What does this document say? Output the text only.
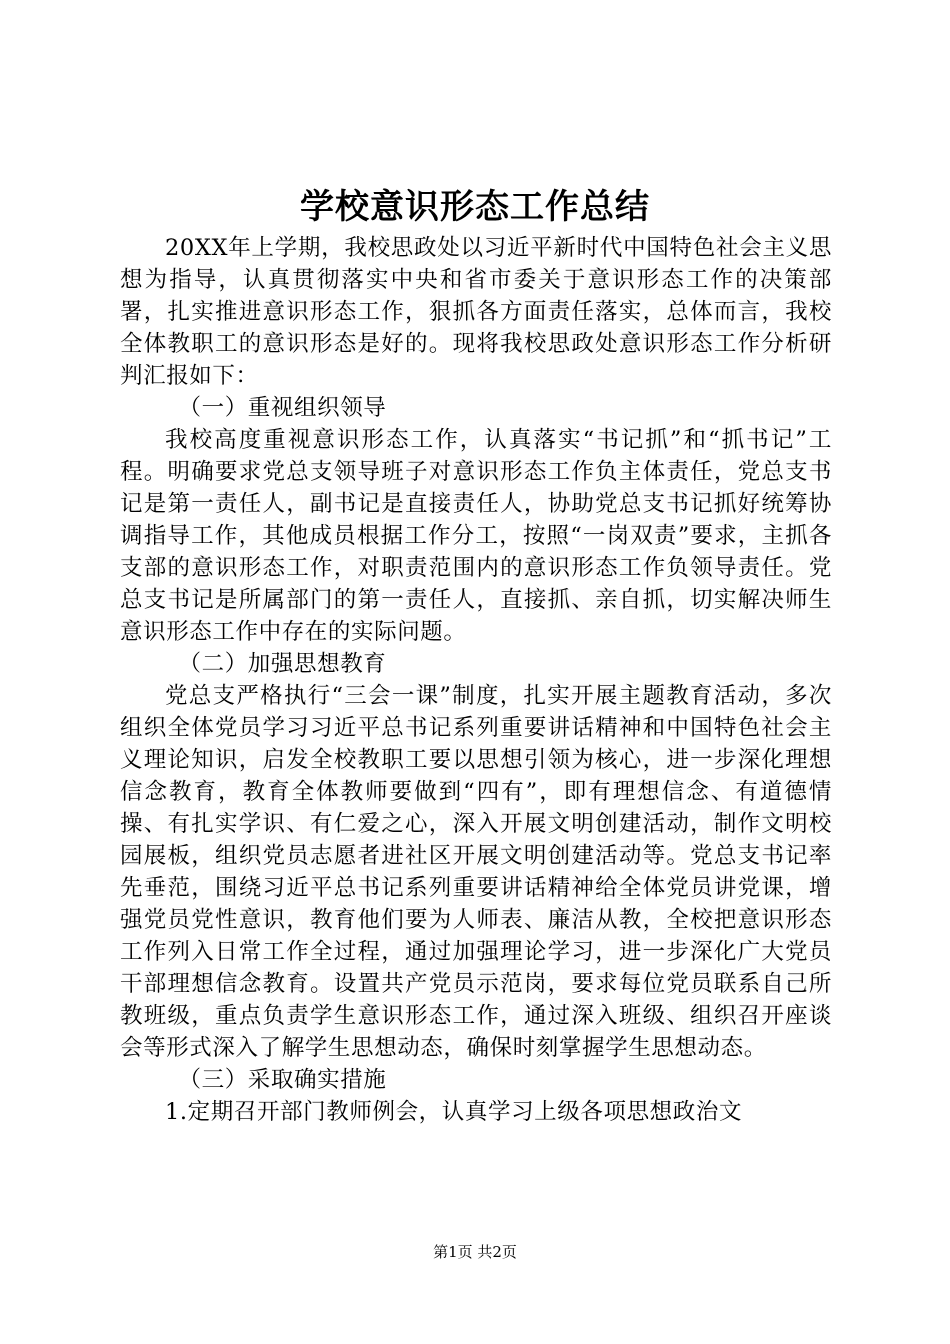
学校意识形态工作总结

20XX年上学期，我校思政处以习近平新时代中国特色社会主义思想为指导，认真贯彻落实中央和省市委关于意识形态工作的决策部署，扎实推进意识形态工作，狠抓各方面责任落实，总体而言，我校全体教职工的意识形态是好的。现将我校思政处意识形态工作分析研判汇报如下：

（一）重视组织领导

我校高度重视意识形态工作，认真落实“书记抓”和“抓书记”工程。明确要求党总支领导班子对意识形态工作负主体责任，党总支书记是第一责任人，副书记是直接责任人，协助党总支书记抓好统筹协调指导工作，其他成员根据工作分工，按照“一岗双责”要求，主抓各支部的意识形态工作，对职责范围内的意识形态工作负领导责任。党总支书记是所属部门的第一责任人，直接抓、亲自抓，切实解决师生意识形态工作中存在的实际问题。

（二）加强思想教育

党总支严格执行“三会一课”制度，扎实开展主题教育活动，多次组织全体党员学习习近平总书记系列重要讲话精神和中国特色社会主义理论知识，启发全校教职工要以思想引领为核心，进一步深化理想信念教育，教育全体教师要做到“四有”，即有理想信念、有道德情操、有扎实学识、有仁爱之心，深入开展文明创建活动，制作文明校园展板，组织党员志愿者进社区开展文明创建活动等。党总支书记率先垂范，围绕习近平总书记系列重要讲话精神给全体党员讲党课，增强党员党性意识，教育他们要为人师表、廉洁从教，全校把意识形态工作列入日常工作全过程，通过加强理论学习，进一步深化广大党员干部理想信念教育。设置共产党员示范岗，要求每位党员联系自己所教班级，重点负责学生意识形态工作，通过深入班级、组织召开座谈会等形式深入了解学生思想动态，确保时刻掌握学生思想动态。

（三）采取确实措施

1.定期召开部门教师例会，认真学习上级各项思想政治文

第1页 共2页
